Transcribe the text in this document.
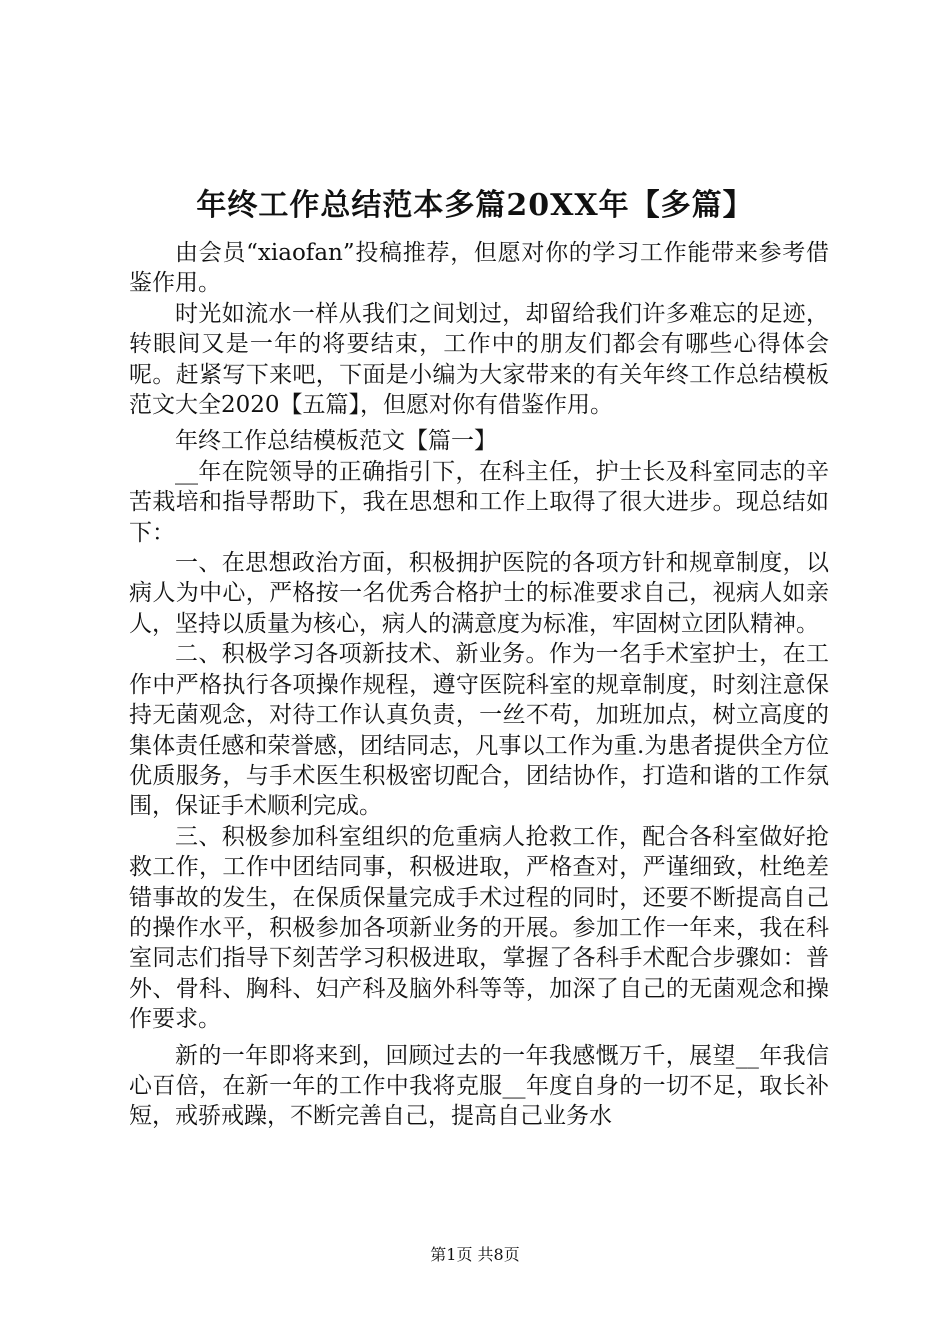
年终工作总结范本多篇20XX年【多篇】

由会员“xiaofan”投稿推荐，但愿对你的学习工作能带来参考借鉴作用。

时光如流水一样从我们之间划过，却留给我们许多难忘的足迹，转眼间又是一年的将要结束，工作中的朋友们都会有哪些心得体会呢。赶紧写下来吧，下面是小编为大家带来的有关年终工作总结模板范文大全2020【五篇】，但愿对你有借鉴作用。

年终工作总结模板范文【篇一】

__年在院领导的正确指引下，在科主任，护士长及科室同志的辛苦栽培和指导帮助下，我在思想和工作上取得了很大进步。现总结如下：

一、在思想政治方面，积极拥护医院的各项方针和规章制度，以病人为中心，严格按一名优秀合格护士的标准要求自己，视病人如亲人，坚持以质量为核心，病人的满意度为标准，牢固树立团队精神。

二、积极学习各项新技术、新业务。作为一名手术室护士，在工作中严格执行各项操作规程，遵守医院科室的规章制度，时刻注意保持无菌观念，对待工作认真负责，一丝不苟，加班加点，树立高度的集体责任感和荣誉感，团结同志，凡事以工作为重.为患者提供全方位优质服务，与手术医生积极密切配合，团结协作，打造和谐的工作氛围，保证手术顺利完成。

三、积极参加科室组织的危重病人抢救工作，配合各科室做好抢救工作，工作中团结同事，积极进取，严格查对，严谨细致，杜绝差错事故的发生，在保质保量完成手术过程的同时，还要不断提高自己的操作水平，积极参加各项新业务的开展。参加工作一年来，我在科室同志们指导下刻苦学习积极进取，掌握了各科手术配合步骤如：普外、骨科、胸科、妇产科及脑外科等等，加深了自己的无菌观念和操作要求。

新的一年即将来到，回顾过去的一年我感慨万千，展望__年我信心百倍，在新一年的工作中我将克服__年度自身的一切不足，取长补短，戒骄戒躁，不断完善自己，提高自己业务水

第1页 共8页
